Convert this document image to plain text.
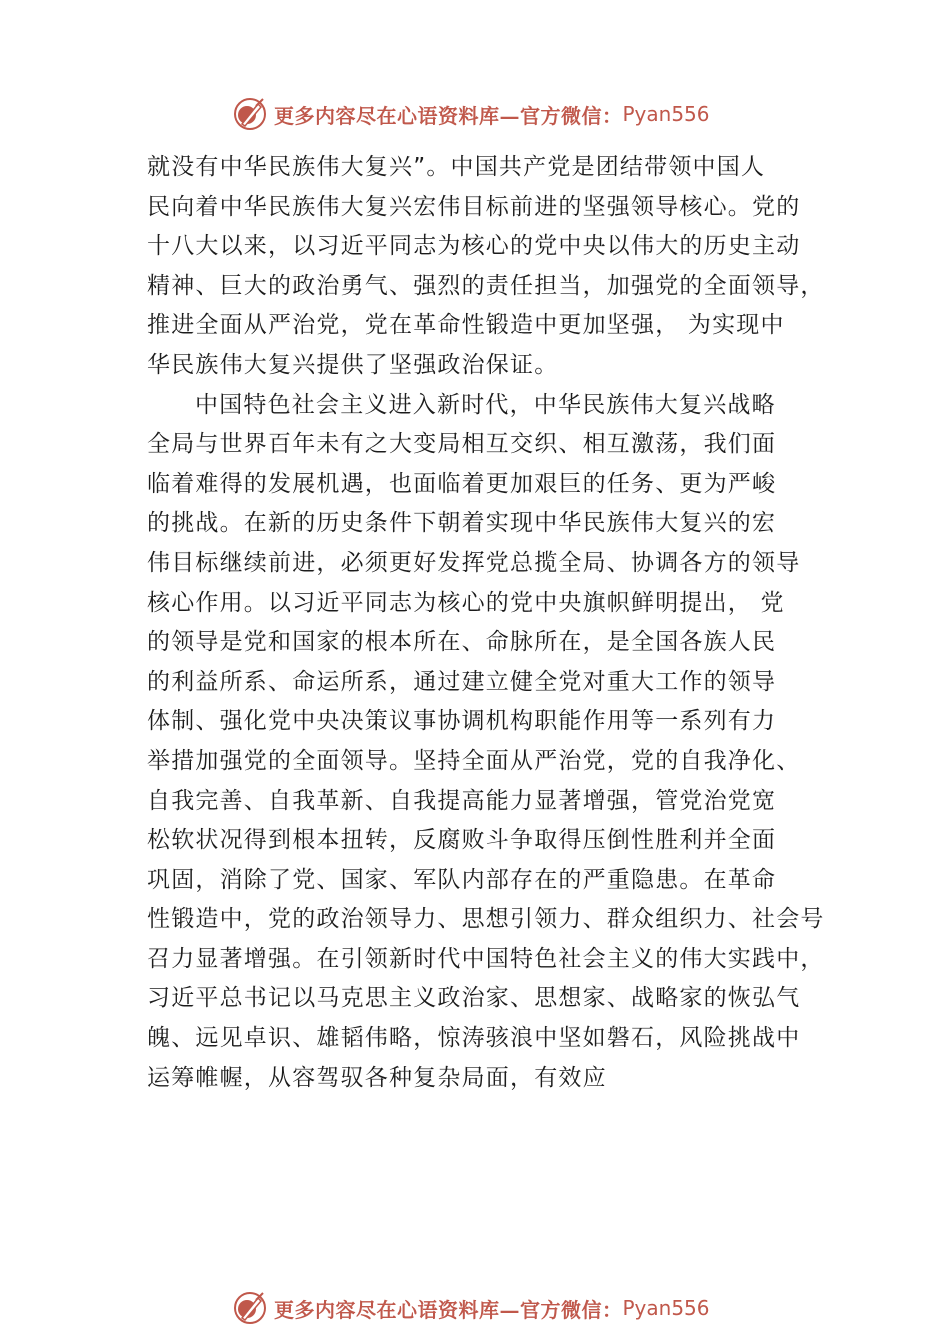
更多内容尽在心语资料库—官方微信： Pyan556
就没有中华民族伟大复兴”。中国共产党是团结带领中国人
民向着中华民族伟大复兴宏伟目标前进的坚强领导核心。党的
十八大以来，以习近平同志为核心的党中央以伟大的历史主动
精神、巨大的政治勇气、强烈的责任担当，加强党的全面领导，
推进全面从严治党，党在革命性锻造中更加坚强， 为实现中
华民族伟大复兴提供了坚强政治保证。
中国特色社会主义进入新时代，中华民族伟大复兴战略
全局与世界百年未有之大变局相互交织、相互激荡，我们面
临着难得的发展机遇，也面临着更加艰巨的任务、更为严峻
的挑战。在新的历史条件下朝着实现中华民族伟大复兴的宏
伟目标继续前进，必须更好发挥党总揽全局、协调各方的领导
核心作用。以习近平同志为核心的党中央旗帜鲜明提出， 党
的领导是党和国家的根本所在、命脉所在，是全国各族人民
的利益所系、命运所系，通过建立健全党对重大工作的领导
体制、强化党中央决策议事协调机构职能作用等一系列有力
举措加强党的全面领导。坚持全面从严治党，党的自我净化、
自我完善、自我革新、自我提高能力显著增强，管党治党宽
松软状况得到根本扭转，反腐败斗争取得压倒性胜利并全面
巩固，消除了党、国家、军队内部存在的严重隐患。在革命
性锻造中，党的政治领导力、思想引领力、群众组织力、社会号
召力显著增强。在引领新时代中国特色社会主义的伟大实践中，
习近平总书记以马克思主义政治家、思想家、战略家的恢弘气
魄、远见卓识、雄韬伟略，惊涛骇浪中坚如磐石，风险挑战中
运筹帷幄，从容驾驭各种复杂局面，有效应
更多内容尽在心语资料库—官方微信： Pyan556
